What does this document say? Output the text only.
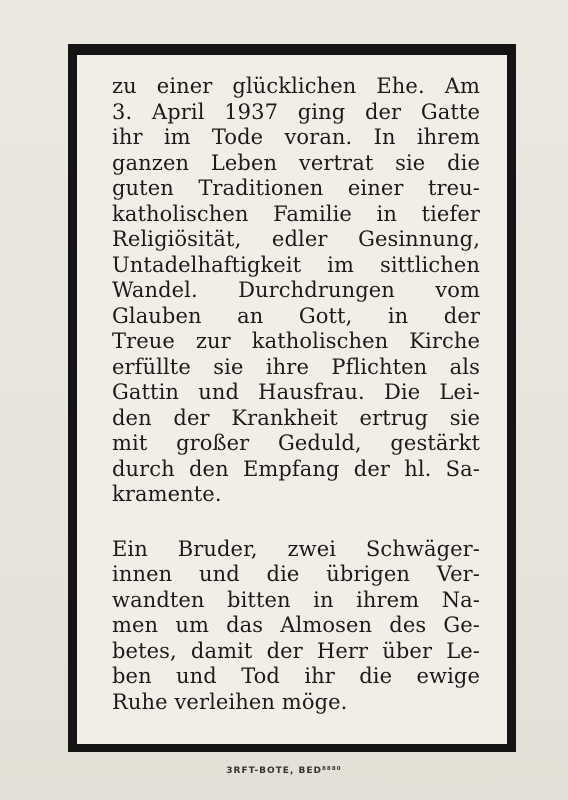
zu einer glücklichen Ehe. Am
3. April 1937 ging der Gatte
ihr im Tode voran. In ihrem
ganzen Leben vertrat sie die
guten Traditionen einer treu-
katholischen Familie in tiefer
Religiösität, edler Gesinnung,
Untadelhaftigkeit im sittlichen
Wandel. Durchdrungen vom
Glauben an Gott, in der
Treue zur katholischen Kirche
erfüllte sie ihre Pflichten als
Gattin und Hausfrau. Die Lei-
den der Krankheit ertrug sie
mit großer Geduld, gestärkt
durch den Empfang der hl. Sa-
kramente.
Ein Bruder, zwei Schwäger-
innen und die übrigen Ver-
wandten bitten in ihrem Na-
men um das Almosen des Ge-
betes, damit der Herr über Le-
ben und Tod ihr die ewige
Ruhe verleihen möge.
3RFT-BOTE, BED⁸⁸⁸⁰
